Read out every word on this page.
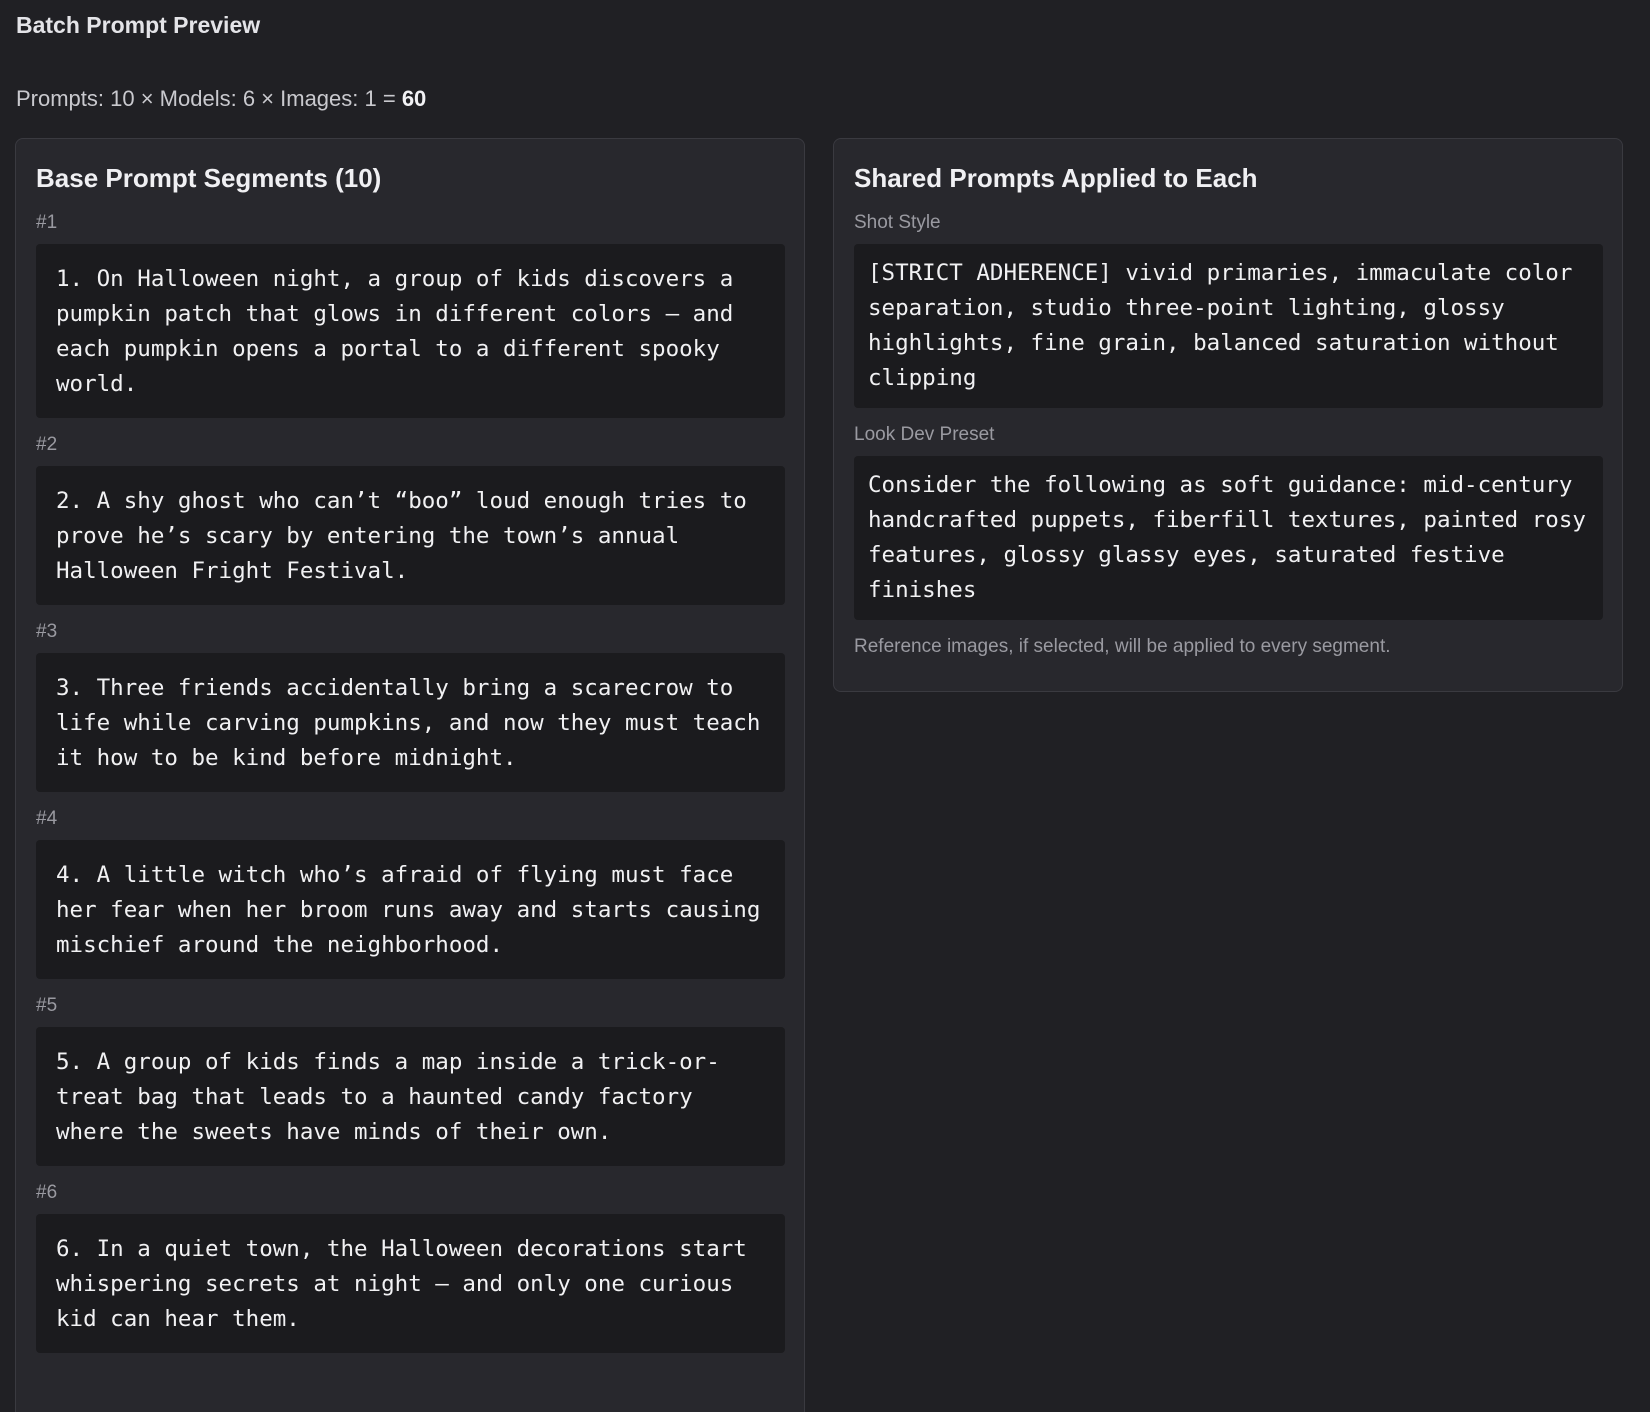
Batch Prompt Preview
Prompts: 10 × Models: 6 × Images: 1 = 60
Base Prompt Segments (10)
#1
1. On Halloween night, a group of kids discovers a pumpkin patch that glows in different colors — and each pumpkin opens a portal to a different spooky world.
#2
2. A shy ghost who can’t “boo” loud enough tries to prove he’s scary by entering the town’s annual Halloween Fright Festival.
#3
3. Three friends accidentally bring a scarecrow to life while carving pumpkins, and now they must teach it how to be kind before midnight.
#4
4. A little witch who’s afraid of flying must face her fear when her broom runs away and starts causing mischief around the neighborhood.
#5
5. A group of kids finds a map inside a trick-or-treat bag that leads to a haunted candy factory where the sweets have minds of their own.
#6
6. In a quiet town, the Halloween decorations start whispering secrets at night — and only one curious kid can hear them.
Shared Prompts Applied to Each
Shot Style
[STRICT ADHERENCE] vivid primaries, immaculate color separation, studio three-point lighting, glossy highlights, fine grain, balanced saturation without clipping
Look Dev Preset
Consider the following as soft guidance: mid-century handcrafted puppets, fiberfill textures, painted rosy features, glossy glassy eyes, saturated festive finishes
Reference images, if selected, will be applied to every segment.
